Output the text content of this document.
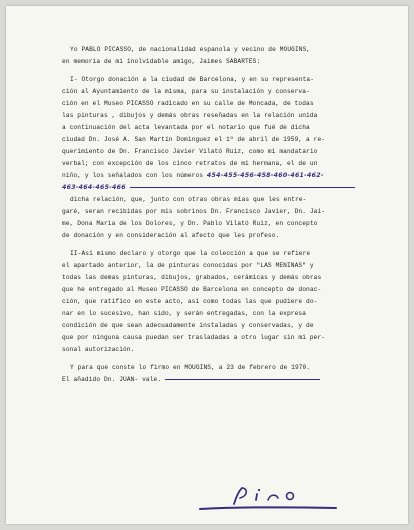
Yo PABLO PICASSO, de nacionalidad espanola y vecino de MOUGINS,
en memoria de mi inolvidable amigo, Jaimes SABARTES:
I- Otorgo donación a la ciudad de Barcelona, y en su representa-
ción al Ayuntamiento de la misma, para su instalación y conserva-
ción en el Museo PICASSO radicado en su calle de Moncada, de todas
las pinturas , dibujos y demás obras reseñadas en la relación unida
a continuación del acta levantada por el notario que fué de dicha
ciudad Dn. José A. San Martín Dominguez el 1º de abril de 1959, a re-
querimiento de Dn. Francisco Javier Vilató Ruiz, como mi mandatario
verbal; con excepción de los cinco retratos de mi hermana, el de un
niño, y los señalados con los números 454-455-456-458-460-461-462-
463-464-465-466
dicha relación, que, junto con otras obras mías que les entre-
garé, seran recibidas por mis sobrinos Dn. Francisco Javier, Dn. Jai-
me, Dona Maria de los Dolores, y Dn. Pablo Vilató Ruiz, en concepto
de donación y en consideración al afecto que les profeso.
II-Así mismo declaro y otorgo que la colección a que se refiere
el apartado anterior, la de pinturas conocidas por "LAS MENINAS" y
todas las demas pinturas, dibujos, grabados, cerámicas y demás obras
que he entregado al Museo PICASSO de Barcelona en concepto de donac-
ción, que ratifico en este acto, así como todas las que pudiere do-
nar en lo sucesivo, han sido, y serán entregadas, con la expresa
condición de que sean adecuadamente instaladas y conservadas, y de
que por ninguna causa puedan ser trasladadas a otro lugar sin mi per-
sonal autorización.
Y para que conste lo firmo en MOUGINS, a 23 de febrero de 1970.
El añadido Dn. JUAN- vale.
